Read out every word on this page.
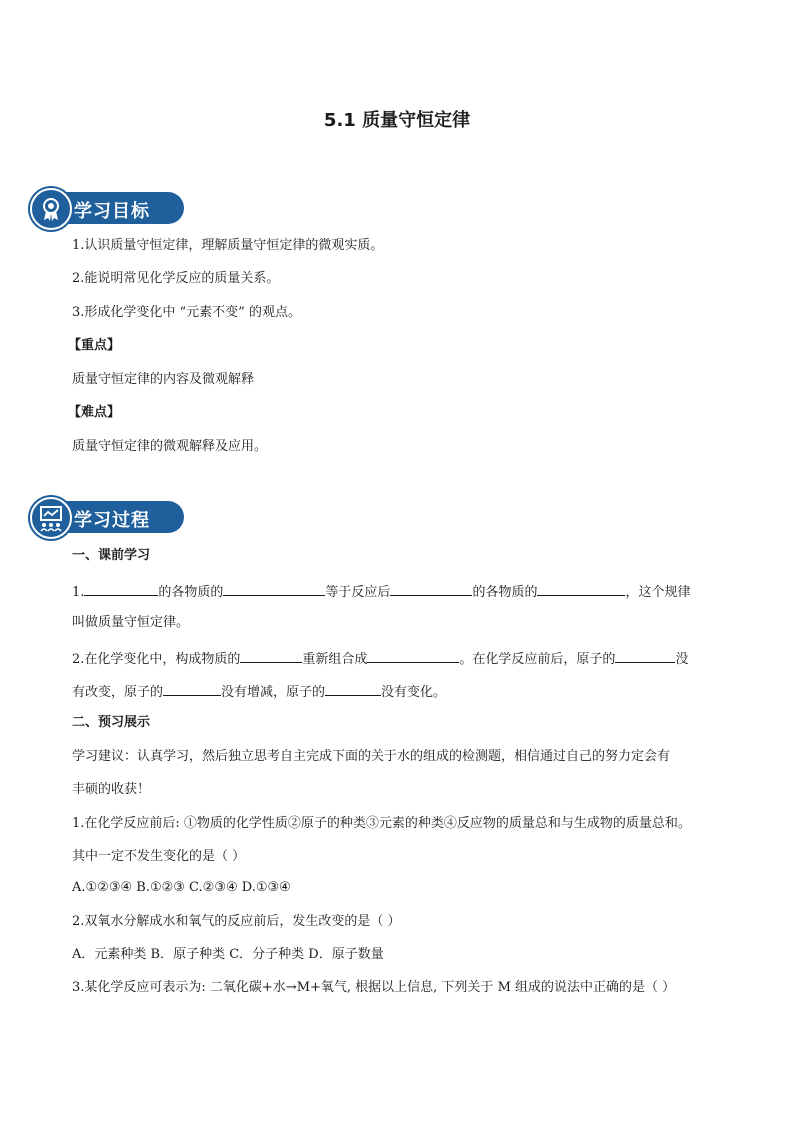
5.1 质量守恒定律
学习目标
1.认识质量守恒定律，理解质量守恒定律的微观实质。
2.能说明常见化学反应的质量关系。
3.形成化学变化中 “元素不变” 的观点。
【重点】
质量守恒定律的内容及微观解释
【难点】
质量守恒定律的微观解释及应用。
学习过程
一、课前学习
1.	的各物质的	等于反应后	的各物质的	，这个规律
叫做质量守恒定律。
2.在化学变化中，构成物质的	重新组合成	。在化学反应前后，原子的	没
有改变，原子的	没有增减，原子的	没有变化。
二、预习展示
学习建议：认真学习，然后独立思考自主完成下面的关于水的组成的检测题，相信通过自己的努力定会有
丰硕的收获！
1.在化学反应前后: ①物质的化学性质②原子的种类③元素的种类④反应物的质量总和与生成物的质量总和。
其中一定不发生变化的是（ ）
A.①②③④ B.①②③ C.②③④ D.①③④
2.双氧水分解成水和氧气的反应前后，发生改变的是（ ）
A．元素种类 B．原子种类 C．分子种类 D．原子数量
3.某化学反应可表示为: 二氧化碳+水→M+氧气, 根据以上信息, 下列关于 M 组成的说法中正确的是（ ）
